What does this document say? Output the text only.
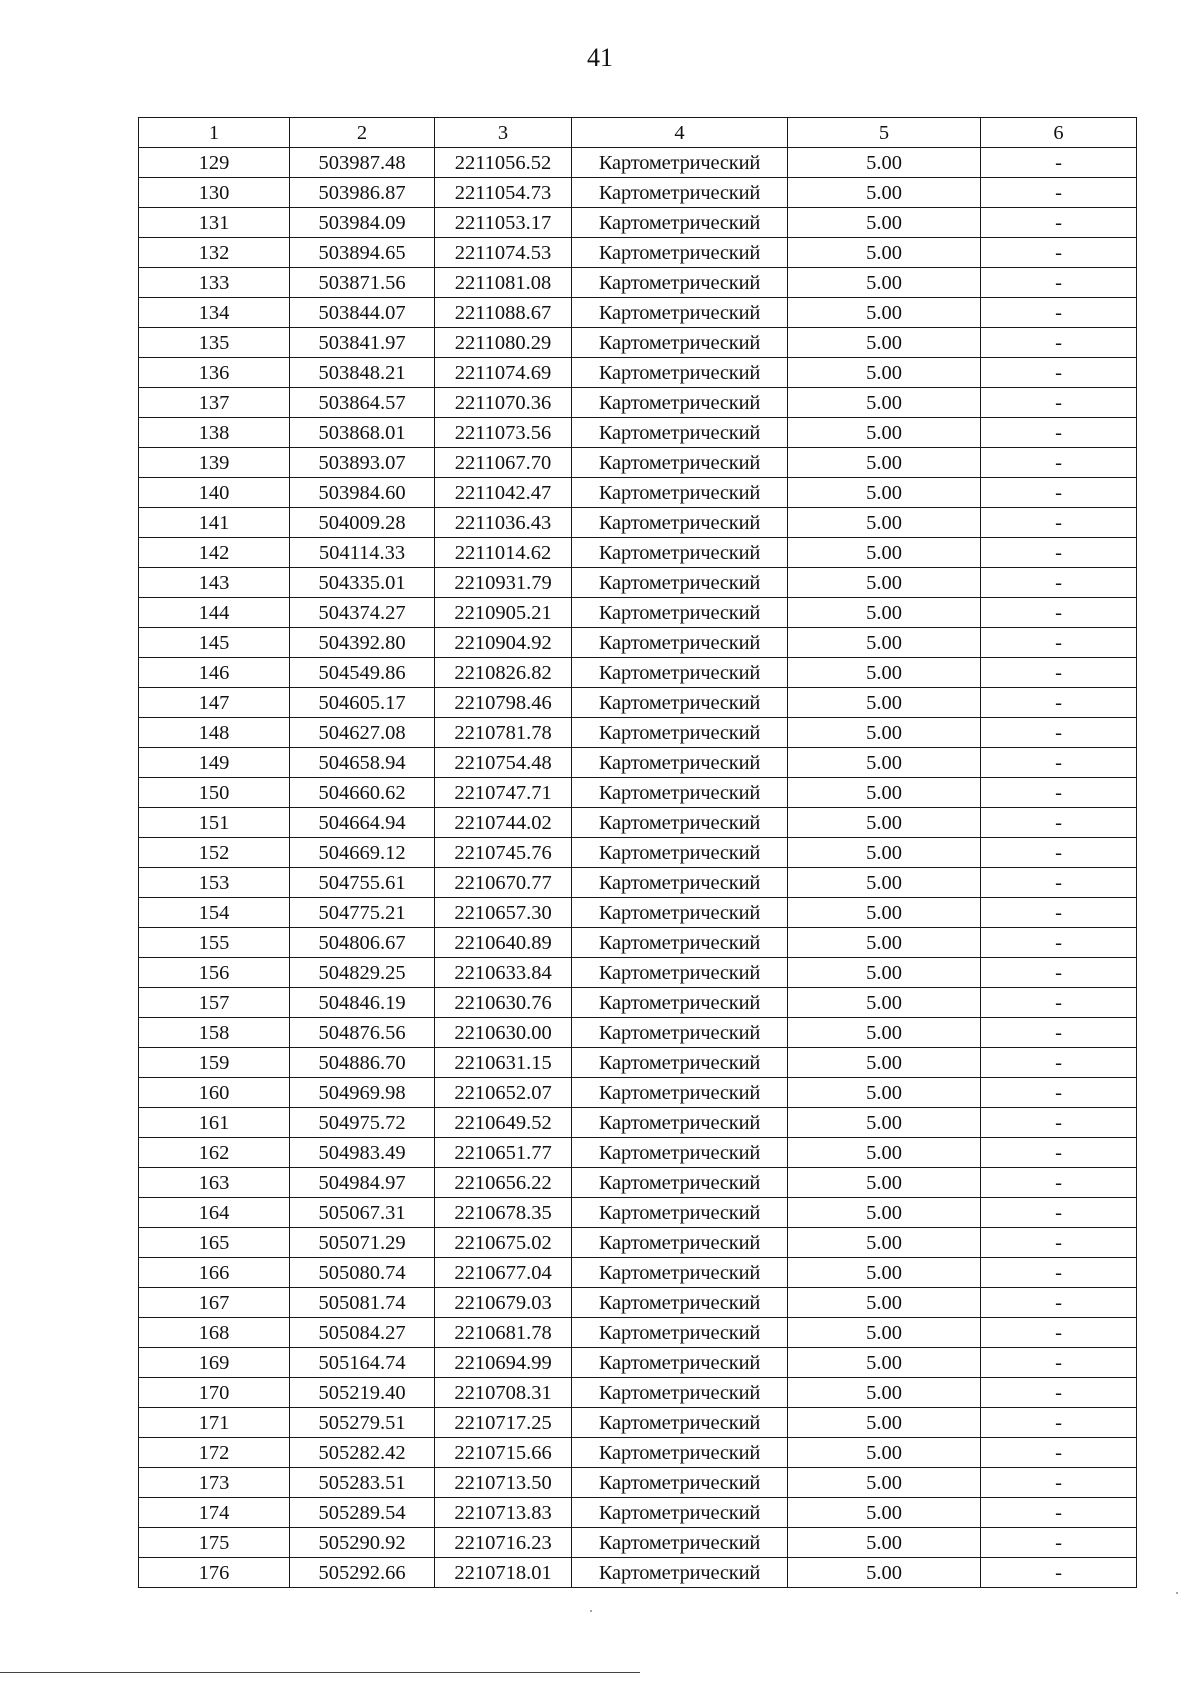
41
1	2	3	4	5	6
129	503987.48	2211056.52	Картометрический	5.00	-
130	503986.87	2211054.73	Картометрический	5.00	-
131	503984.09	2211053.17	Картометрический	5.00	-
132	503894.65	2211074.53	Картометрический	5.00	-
133	503871.56	2211081.08	Картометрический	5.00	-
134	503844.07	2211088.67	Картометрический	5.00	-
135	503841.97	2211080.29	Картометрический	5.00	-
136	503848.21	2211074.69	Картометрический	5.00	-
137	503864.57	2211070.36	Картометрический	5.00	-
138	503868.01	2211073.56	Картометрический	5.00	-
139	503893.07	2211067.70	Картометрический	5.00	-
140	503984.60	2211042.47	Картометрический	5.00	-
141	504009.28	2211036.43	Картометрический	5.00	-
142	504114.33	2211014.62	Картометрический	5.00	-
143	504335.01	2210931.79	Картометрический	5.00	-
144	504374.27	2210905.21	Картометрический	5.00	-
145	504392.80	2210904.92	Картометрический	5.00	-
146	504549.86	2210826.82	Картометрический	5.00	-
147	504605.17	2210798.46	Картометрический	5.00	-
148	504627.08	2210781.78	Картометрический	5.00	-
149	504658.94	2210754.48	Картометрический	5.00	-
150	504660.62	2210747.71	Картометрический	5.00	-
151	504664.94	2210744.02	Картометрический	5.00	-
152	504669.12	2210745.76	Картометрический	5.00	-
153	504755.61	2210670.77	Картометрический	5.00	-
154	504775.21	2210657.30	Картометрический	5.00	-
155	504806.67	2210640.89	Картометрический	5.00	-
156	504829.25	2210633.84	Картометрический	5.00	-
157	504846.19	2210630.76	Картометрический	5.00	-
158	504876.56	2210630.00	Картометрический	5.00	-
159	504886.70	2210631.15	Картометрический	5.00	-
160	504969.98	2210652.07	Картометрический	5.00	-
161	504975.72	2210649.52	Картометрический	5.00	-
162	504983.49	2210651.77	Картометрический	5.00	-
163	504984.97	2210656.22	Картометрический	5.00	-
164	505067.31	2210678.35	Картометрический	5.00	-
165	505071.29	2210675.02	Картометрический	5.00	-
166	505080.74	2210677.04	Картометрический	5.00	-
167	505081.74	2210679.03	Картометрический	5.00	-
168	505084.27	2210681.78	Картометрический	5.00	-
169	505164.74	2210694.99	Картометрический	5.00	-
170	505219.40	2210708.31	Картометрический	5.00	-
171	505279.51	2210717.25	Картометрический	5.00	-
172	505282.42	2210715.66	Картометрический	5.00	-
173	505283.51	2210713.50	Картометрический	5.00	-
174	505289.54	2210713.83	Картометрический	5.00	-
175	505290.92	2210716.23	Картометрический	5.00	-
176	505292.66	2210718.01	Картометрический	5.00	-
